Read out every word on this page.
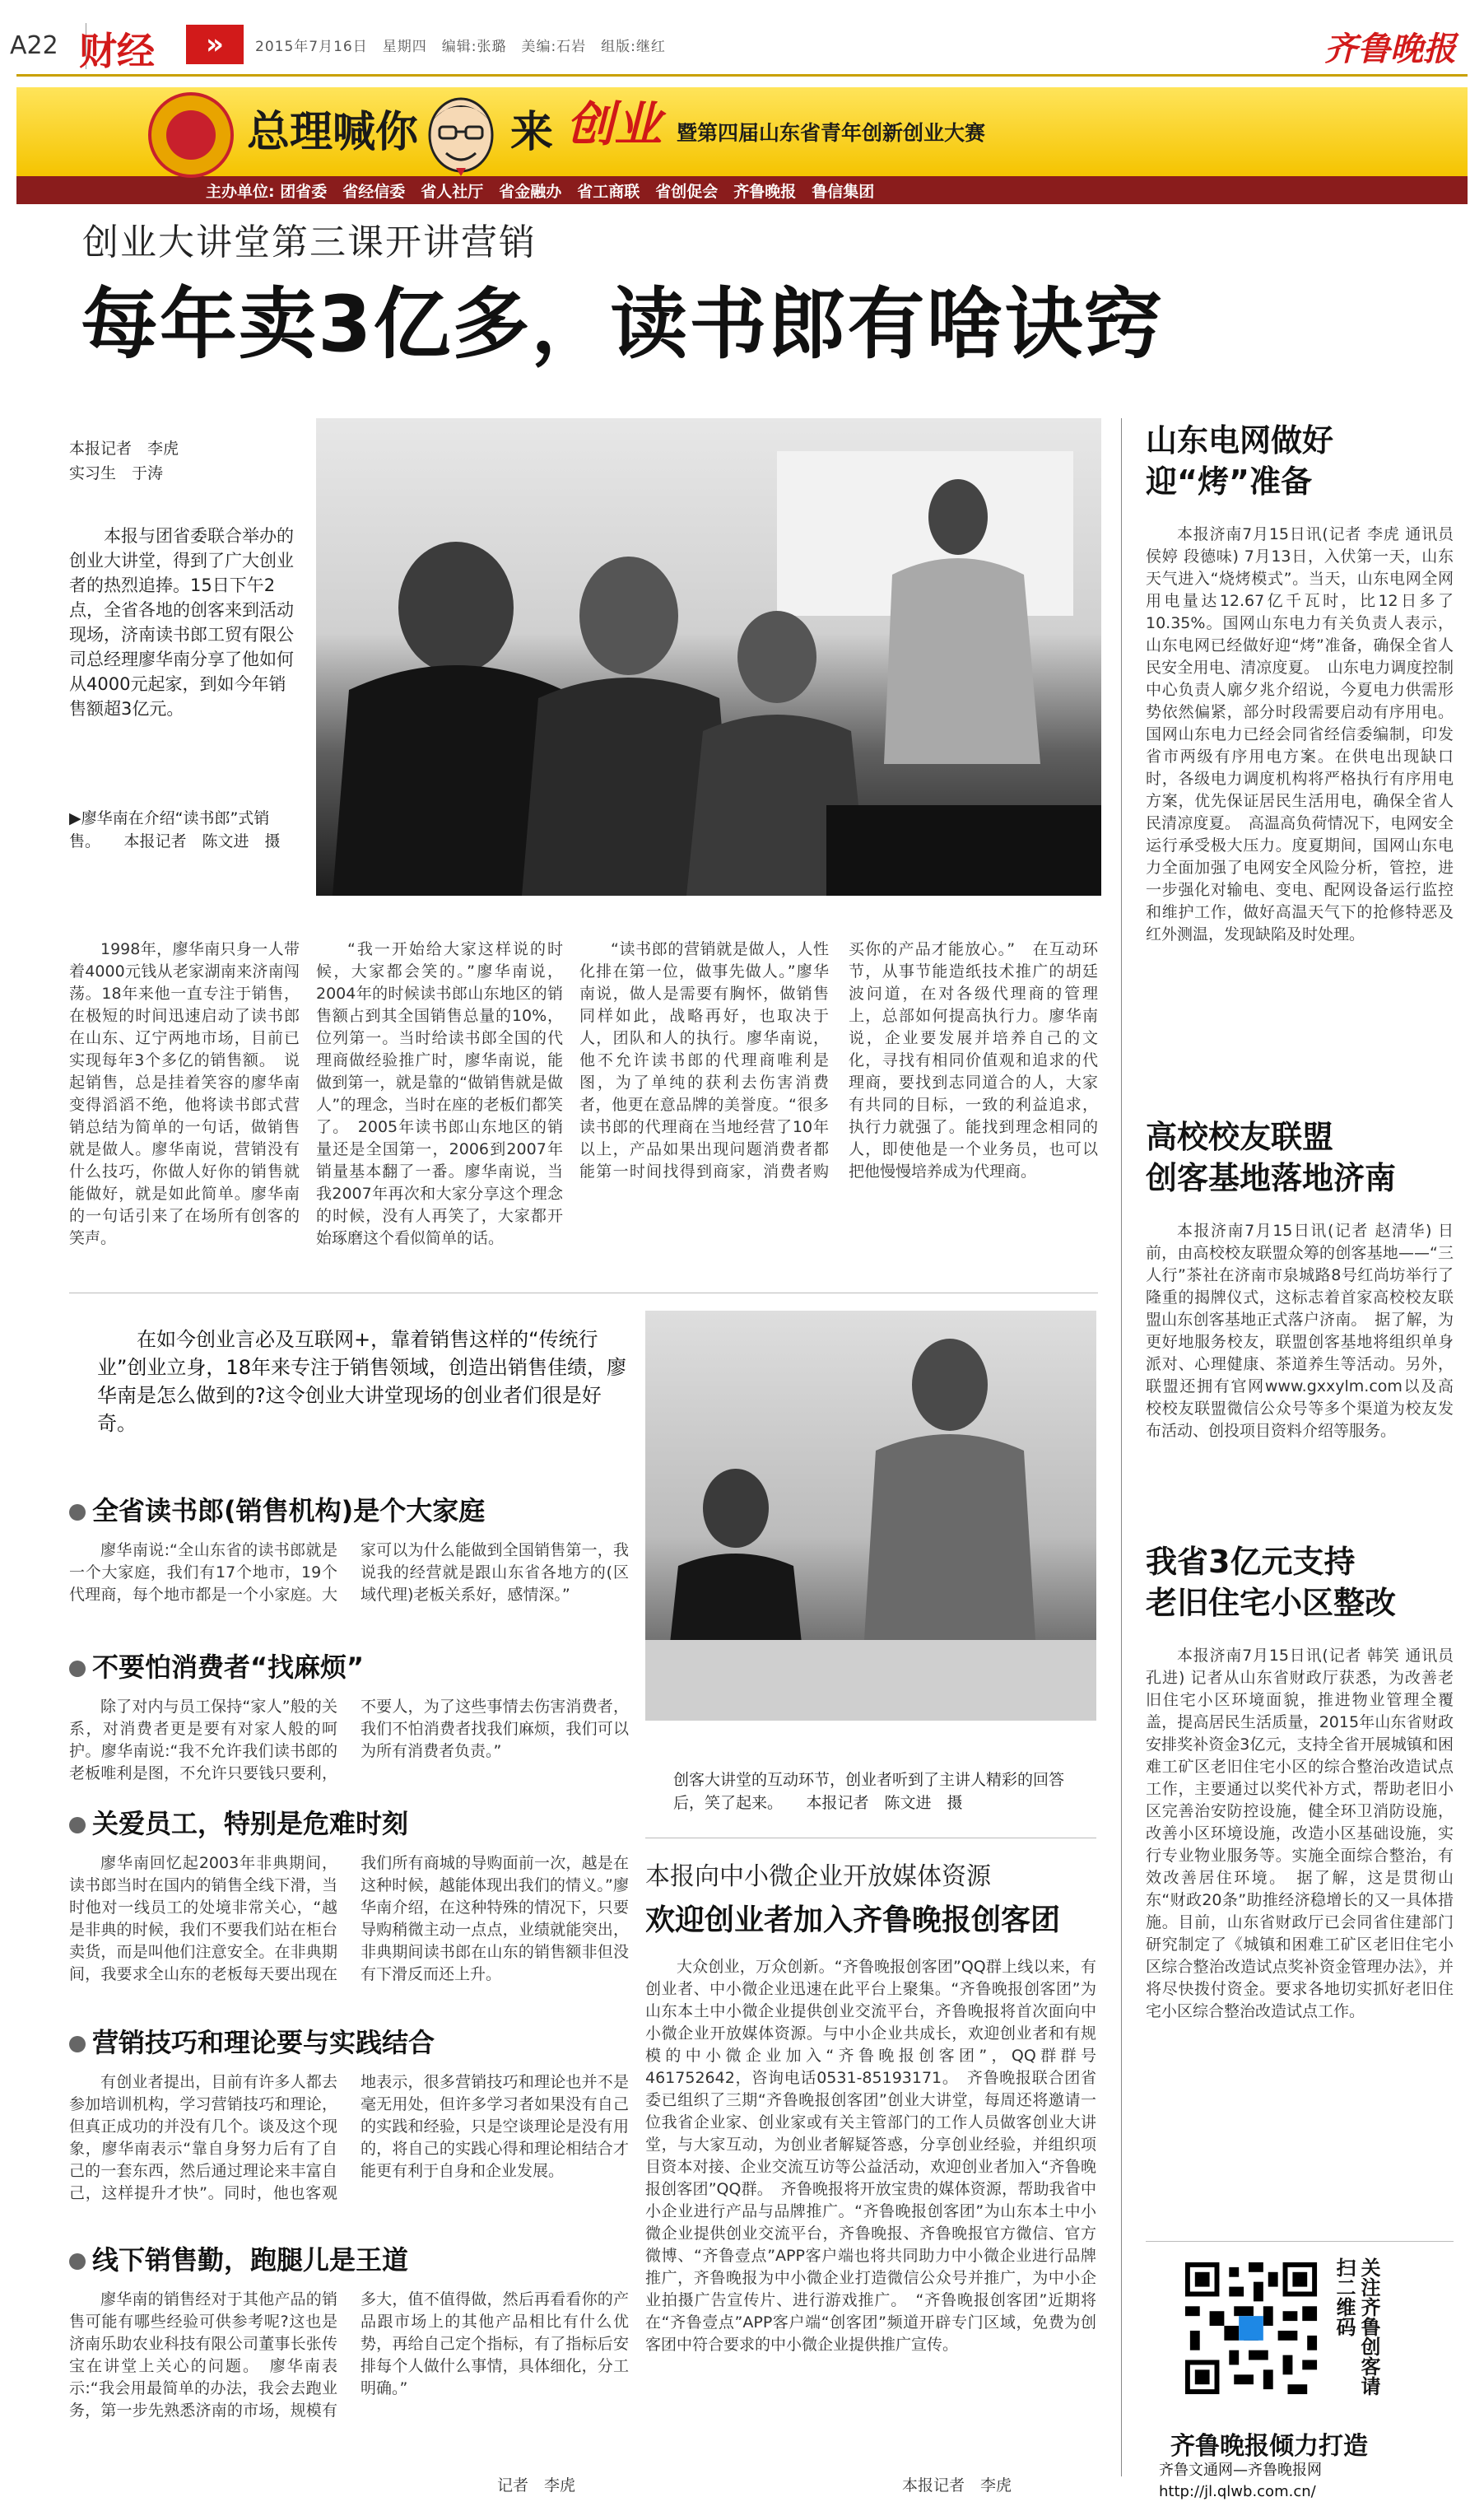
A22 财经	»	2015年7月16日　星期四　编辑:张璐　美编:石岩　组版:继红	齐鲁晚报
总理喊你 来 创业 暨第四届山东省青年创新创业大赛
主办单位: 团省委　省经信委　省人社厅　省金融办　省工商联　省创促会　齐鲁晚报　鲁信集团
创业大讲堂第三课开讲营销
每年卖3亿多，读书郎有啥诀窍
本报记者　李虎
实习生　于涛
本报与团省委联合举办的创业大讲堂，得到了广大创业者的热烈追捧。15日下午2点，全省各地的创客来到活动现场，济南读书郎工贸有限公司总经理廖华南分享了他如何从4000元起家，到如今年销售额超3亿元。
▶廖华南在介绍“读书郎”式销售。　　本报记者　陈文进　摄
1998年，廖华南只身一人带着4000元钱从老家湖南来济南闯荡。18年来他一直专注于销售，在极短的时间迅速启动了读书郎在山东、辽宁两地市场，目前已实现每年3个多亿的销售额。　说起销售，总是挂着笑容的廖华南变得滔滔不绝，他将读书郎式营销总结为简单的一句话，做销售就是做人。廖华南说，营销没有什么技巧，你做人好你的销售就能做好，就是如此简单。廖华南的一句话引来了在场所有创客的笑声。
“我一开始给大家这样说的时候，大家都会笑的。”廖华南说，2004年的时候读书郎山东地区的销售额占到其全国销售总量的10%，位列第一。当时给读书郎全国的代理商做经验推广时，廖华南说，能做到第一，就是靠的“做销售就是做人”的理念，当时在座的老板们都笑了。　2005年读书郎山东地区的销量还是全国第一，2006到2007年销量基本翻了一番。廖华南说，当我2007年再次和大家分享这个理念的时候，没有人再笑了，大家都开始琢磨这个看似简单的话。
“读书郎的营销就是做人，人性化排在第一位，做事先做人。”廖华南说，做人是需要有胸怀，做销售同样如此，战略再好，也取决于人，团队和人的执行。廖华南说，他不允许读书郎的代理商唯利是图，为了单纯的获利去伤害消费者，他更在意品牌的美誉度。“很多读书郎的代理商在当地经营了10年以上，产品如果出现问题消费者都能第一时间找得到商家，消费者购买你的产品才能放心。”　在互动环节，从事节能造纸技术推广的胡廷波问道，在对各级代理商的管理上，总部如何提高执行力。廖华南说，企业要发展并培养自己的文化，寻找有相同价值观和追求的代理商，要找到志同道合的人，大家有共同的目标，一致的利益追求，执行力就强了。能找到理念相同的人，即使他是一个业务员，也可以把他慢慢培养成为代理商。
在如今创业言必及互联网+，靠着销售这样的“传统行业”创业立身，18年来专注于销售领域，创造出销售佳绩，廖华南是怎么做到的?这令创业大讲堂现场的创业者们很是好奇。
全省读书郎(销售机构)是个大家庭
廖华南说:“全山东省的读书郎就是一个大家庭，我们有17个地市，19个代理商，每个地市都是一个小家庭。大家可以为什么能做到全国销售第一，我说我的经营就是跟山东省各地方的(区域代理)老板关系好，感情深。”
不要怕消费者“找麻烦”
除了对内与员工保持“家人”般的关系，对消费者更是要有对家人般的呵护。廖华南说:“我不允许我们读书郎的老板唯利是图，不允许只要钱只要利，不要人，为了这些事情去伤害消费者，我们不怕消费者找我们麻烦，我们可以为所有消费者负责。”
关爱员工，特别是危难时刻
廖华南回忆起2003年非典期间，读书郎当时在国内的销售全线下滑，当时他对一线员工的处境非常关心，“越是非典的时候，我们不要我们站在柜台卖货，而是叫他们注意安全。在非典期间，我要求全山东的老板每天要出现在我们所有商城的导购面前一次，越是在这种时候，越能体现出我们的情义。”廖华南介绍，在这种特殊的情况下，只要导购稍微主动一点点，业绩就能突出，非典期间读书郎在山东的销售额非但没有下滑反而还上升。
营销技巧和理论要与实践结合
有创业者提出，目前有许多人都去参加培训机构，学习营销技巧和理论，但真正成功的并没有几个。谈及这个现象，廖华南表示“靠自身努力后有了自己的一套东西，然后通过理论来丰富自己，这样提升才快”。同时，他也客观地表示，很多营销技巧和理论也并不是毫无用处，但许多学习者如果没有自己的实践和经验，只是空谈理论是没有用的，将自己的实践心得和理论相结合才能更有利于自身和企业发展。
线下销售勤，跑腿儿是王道
廖华南的销售经对于其他产品的销售可能有哪些经验可供参考呢?这也是济南乐助农业科技有限公司董事长张传宝在讲堂上关心的问题。　廖华南表示:“我会用最简单的办法，我会去跑业务，第一步先熟悉济南的市场，规模有多大，值不值得做，然后再看看你的产品跟市场上的其他产品相比有什么优势，再给自己定个指标，有了指标后安排每个人做什么事情，具体细化，分工明确。”
记者　李虎
创客大讲堂的互动环节，创业者听到了主讲人精彩的回答后，笑了起来。　　本报记者　陈文进　摄
本报向中小微企业开放媒体资源
欢迎创业者加入齐鲁晚报创客团
大众创业，万众创新。“齐鲁晚报创客团”QQ群上线以来，有创业者、中小微企业迅速在此平台上聚集。“齐鲁晚报创客团”为山东本土中小微企业提供创业交流平台，齐鲁晚报将首次面向中小微企业开放媒体资源。与中小企业共成长，欢迎创业者和有规模的中小微企业加入“齐鲁晚报创客团”，QQ群群号461752642，咨询电话0531-85193171。　齐鲁晚报联合团省委已组织了三期“齐鲁晚报创客团”创业大讲堂，每周还将邀请一位我省企业家、创业家或有关主管部门的工作人员做客创业大讲堂，与大家互动，为创业者解疑答惑，分享创业经验，并组织项目资本对接、企业交流互访等公益活动，欢迎创业者加入“齐鲁晚报创客团”QQ群。　齐鲁晚报将开放宝贵的媒体资源，帮助我省中小企业进行产品与品牌推广。“齐鲁晚报创客团”为山东本土中小微企业提供创业交流平台，齐鲁晚报、齐鲁晚报官方微信、官方微博、“齐鲁壹点”APP客户端也将共同助力中小微企业进行品牌推广，齐鲁晚报为中小微企业打造微信公众号并推广，为中小企业拍摄广告宣传片、进行游戏推广。　“齐鲁晚报创客团”近期将在“齐鲁壹点”APP客户端“创客团”频道开辟专门区域，免费为创客团中符合要求的中小微企业提供推广宣传。
本报记者　李虎
山东电网做好
迎“烤”准备
本报济南7月15日讯(记者 李虎 通讯员 侯婷 段德味) 7月13日，入伏第一天，山东天气进入“烧烤模式”。当天，山东电网全网用电量达12.67亿千瓦时，比12日多了10.35%。国网山东电力有关负责人表示，山东电网已经做好迎“烤”准备，确保全省人民安全用电、清凉度夏。　山东电力调度控制中心负责人廓夕兆介绍说，今夏电力供需形势依然偏紧，部分时段需要启动有序用电。国网山东电力已经会同省经信委编制，印发省市两级有序用电方案。在供电出现缺口时，各级电力调度机构将严格执行有序用电方案，优先保证居民生活用电，确保全省人民清凉度夏。　高温高负荷情况下，电网安全运行承受极大压力。度夏期间，国网山东电力全面加强了电网安全风险分析，管控，进一步强化对输电、变电、配网设备运行监控和维护工作，做好高温天气下的抢修特恶及红外测温，发现缺陷及时处理。
高校校友联盟
创客基地落地济南
本报济南7月15日讯(记者 赵清华) 日前，由高校校友联盟众筹的创客基地——“三人行”茶社在济南市泉城路8号红尚坊举行了隆重的揭牌仪式，这标志着首家高校校友联盟山东创客基地正式落户济南。　据了解，为更好地服务校友，联盟创客基地将组织单身派对、心理健康、茶道养生等活动。另外，联盟还拥有官网www.gxxylm.com以及高校校友联盟微信公众号等多个渠道为校友发布活动、创投项目资料介绍等服务。
我省3亿元支持
老旧住宅小区整改
本报济南7月15日讯(记者 韩笑 通讯员 孔进) 记者从山东省财政厅获悉，为改善老旧住宅小区环境面貌，推进物业管理全覆盖，提高居民生活质量，2015年山东省财政安排奖补资金3亿元，支持全省开展城镇和困难工矿区老旧住宅小区的综合整治改造试点工作，主要通过以奖代补方式，帮助老旧小区完善治安防控设施，健全环卫消防设施，改善小区环境设施，改造小区基础设施，实行专业物业服务等。实施全面综合整治，有效改善居住环境。　据了解，这是贯彻山东“财政20条”助推经济稳增长的又一具体措施。目前，山东省财政厅已会同省住建部门研究制定了《城镇和困难工矿区老旧住宅小区综合整治改造试点奖补资金管理办法》，并将尽快拨付资金。要求各地切实抓好老旧住宅小区综合整治改造试点工作。
关注齐鲁创客请扫二维码
齐鲁晚报倾力打造
齐鲁文通网—齐鲁晚报网
http://jl.qlwb.com.cn/
